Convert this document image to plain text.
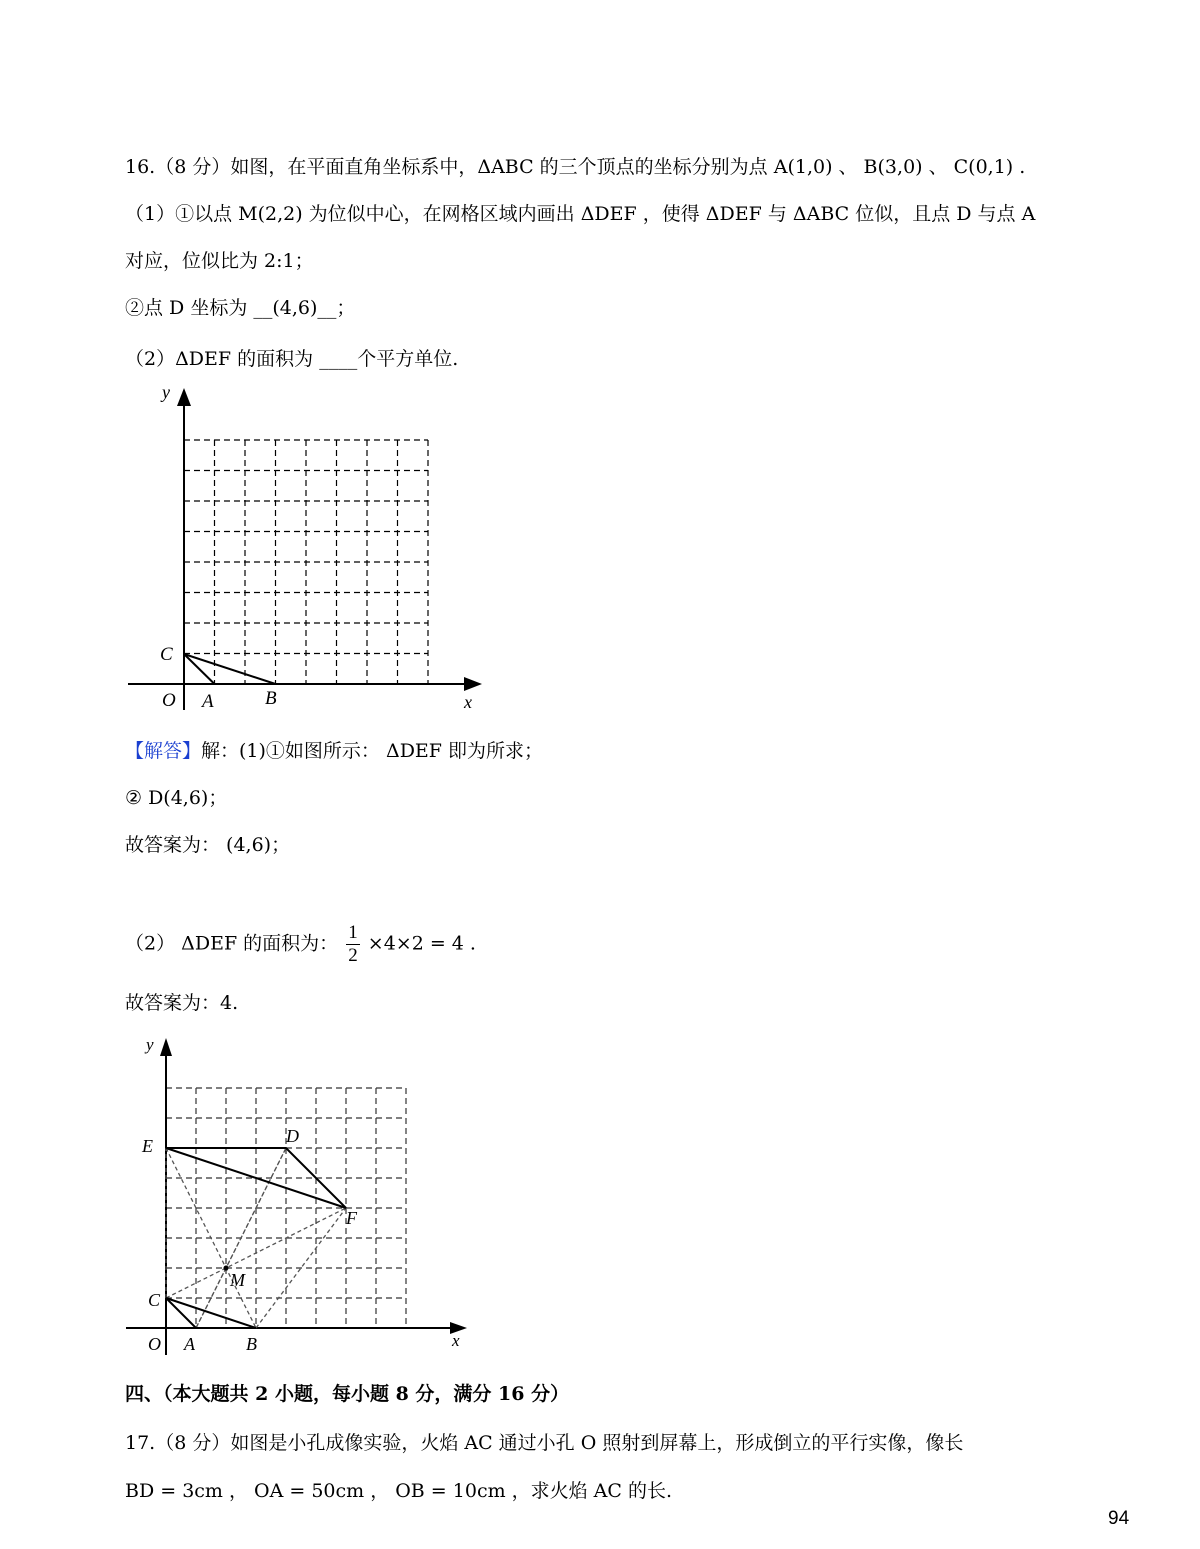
16.（8 分）如图，在平面直角坐标系中，ΔABC 的三个顶点的坐标分别为点 A(1,0) 、 B(3,0) 、 C(0,1) .
（1）①以点 M(2,2) 为位似中心，在网格区域内画出 ΔDEF ，使得 ΔDEF 与 ΔABC 位似，且点 D 与点 A
对应，位似比为 2:1；
②点 D 坐标为 __(4,6)__；
（2）ΔDEF 的面积为 ____个平方单位.
y
x
O A	B
C
【解答】解：(1)①如图所示： ΔDEF 即为所求；
② D(4,6)；
故答案为： (4,6)；
（2） ΔDEF 的面积为： $\frac{1}{2} \times 4\times 2 = 4$ .
故答案为：4.
y
x
O A	B
C
E	D
F
M
四、（本大题共 2 小题，每小题 8 分，满分 16 分）
17.（8 分）如图是小孔成像实验，火焰 AC 通过小孔 O 照射到屏幕上，形成倒立的平行实像，像长
BD = 3cm ， OA = 50cm ， OB = 10cm ，求火焰 AC 的长.
94
